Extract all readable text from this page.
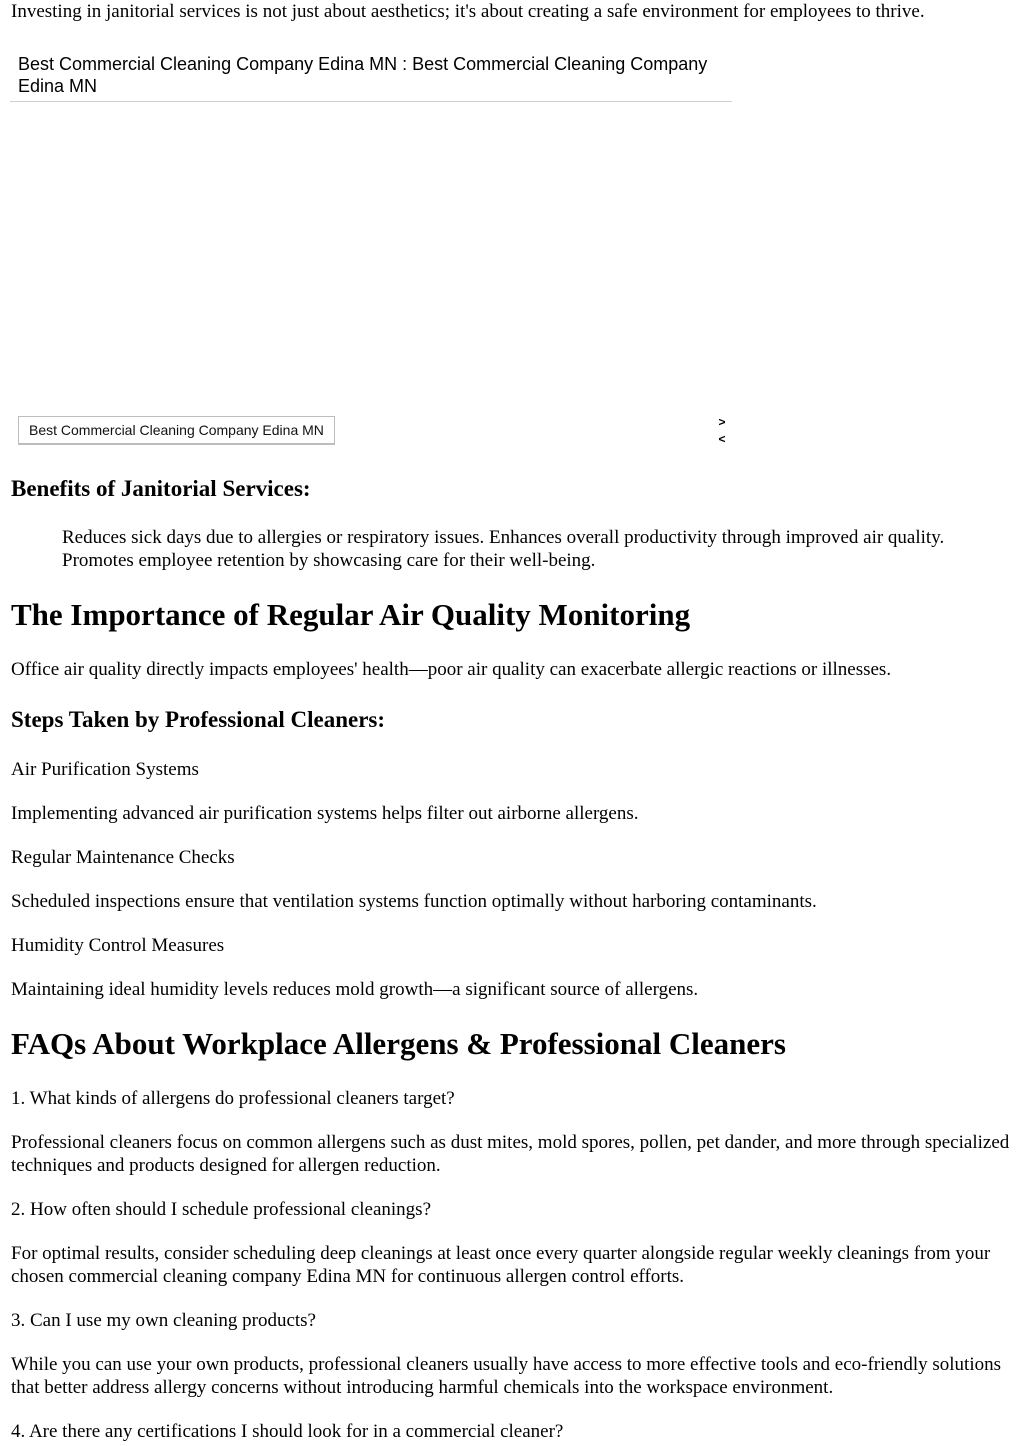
Investing in janitorial services is not just about aesthetics; it's about creating a safe environment for employees to thrive.

Best Commercial Cleaning Company Edina MN : Best Commercial Cleaning Company Edina MN
Best Commercial Cleaning Company Edina MN	>
<

Benefits of Janitorial Services:

Reduces sick days due to allergies or respiratory issues. Enhances overall productivity through improved air quality. Promotes employee retention by showcasing care for their well-being.

The Importance of Regular Air Quality Monitoring

Office air quality directly impacts employees' health—poor air quality can exacerbate allergic reactions or illnesses.

Steps Taken by Professional Cleaners:

Air Purification Systems

Implementing advanced air purification systems helps filter out airborne allergens.

Regular Maintenance Checks

Scheduled inspections ensure that ventilation systems function optimally without harboring contaminants.

Humidity Control Measures

Maintaining ideal humidity levels reduces mold growth—a significant source of allergens.

FAQs About Workplace Allergens & Professional Cleaners

1. What kinds of allergens do professional cleaners target?

Professional cleaners focus on common allergens such as dust mites, mold spores, pollen, pet dander, and more through specialized techniques and products designed for allergen reduction.

2. How often should I schedule professional cleanings?

For optimal results, consider scheduling deep cleanings at least once every quarter alongside regular weekly cleanings from your chosen commercial cleaning company Edina MN for continuous allergen control efforts.

3. Can I use my own cleaning products?

While you can use your own products, professional cleaners usually have access to more effective tools and eco-friendly solutions that better address allergy concerns without introducing harmful chemicals into the workspace environment.

4. Are there any certifications I should look for in a commercial cleaner?
